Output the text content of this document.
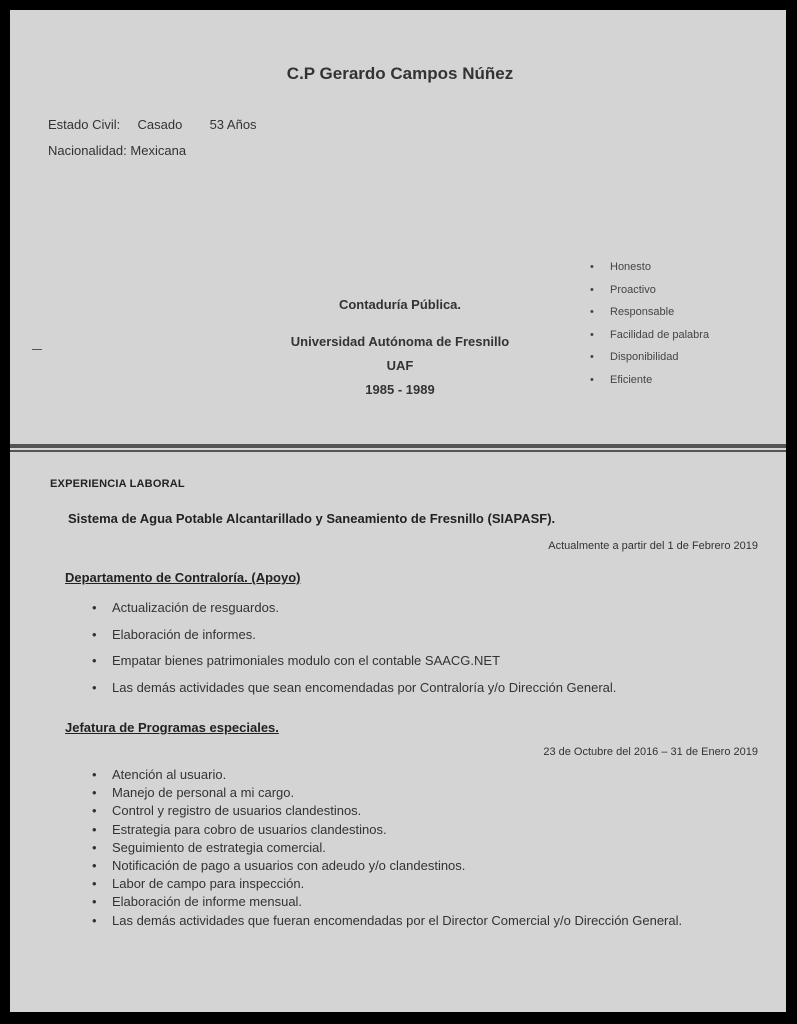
C.P Gerardo Campos Núñez
Estado Civil: Casado 53 Años
Nacionalidad: Mexicana
Contaduría Pública.
Universidad Autónoma de Fresnillo
UAF
1985 - 1989
• Honesto
• Proactivo
• Responsable
• Facilidad de palabra
• Disponibilidad
• Eficiente
EXPERIENCIA LABORAL
Sistema de Agua Potable Alcantarillado y Saneamiento de Fresnillo (SIAPASF).
Actualmente a partir del 1 de Febrero 2019
Departamento de Contraloría. (Apoyo)
• Actualización de resguardos.
• Elaboración de informes.
• Empatar bienes patrimoniales modulo con el contable SAACG.NET
• Las demás actividades que sean encomendadas por Contraloría y/o Dirección General.
Jefatura de Programas especiales.
23 de Octubre del 2016 – 31 de Enero 2019
• Atención al usuario.
• Manejo de personal a mi cargo.
• Control y registro de usuarios clandestinos.
• Estrategia para cobro de usuarios clandestinos.
• Seguimiento de estrategia comercial.
• Notificación de pago a usuarios con adeudo y/o clandestinos.
• Labor de campo para inspección.
• Elaboración de informe mensual.
• Las demás actividades que fueran encomendadas por el Director Comercial y/o Dirección General.
